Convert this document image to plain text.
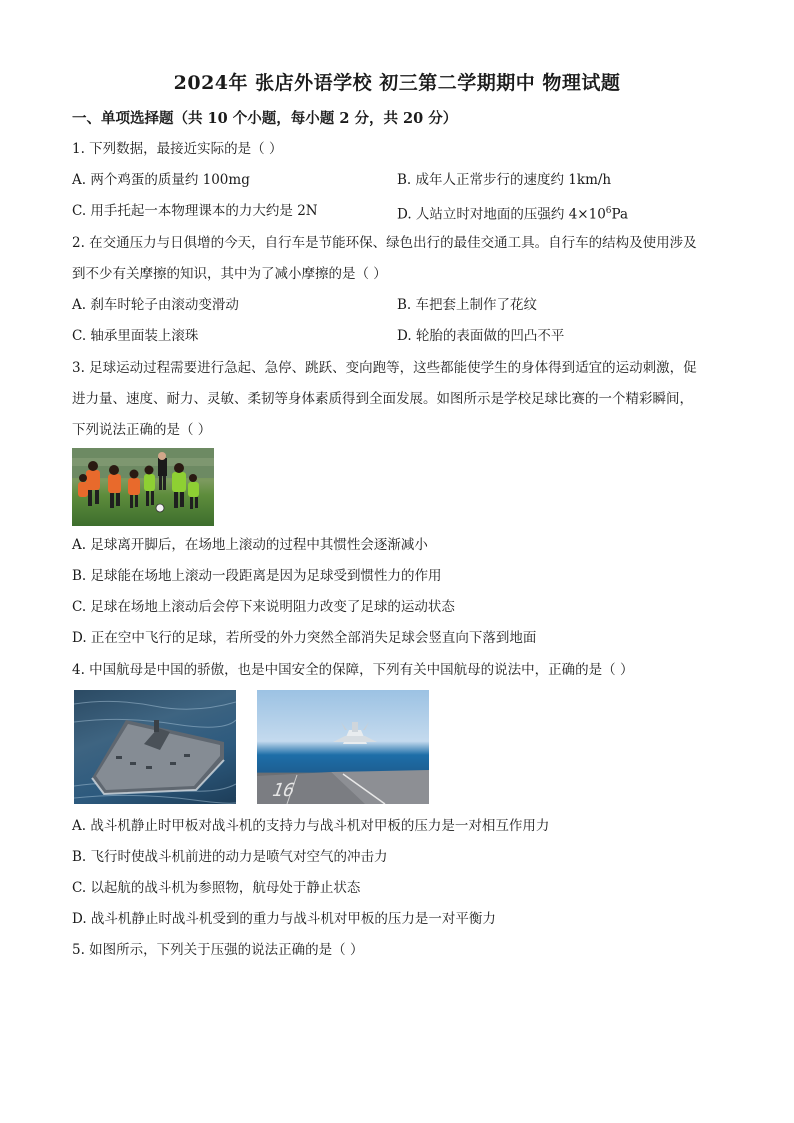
2024年 张店外语学校 初三第二学期期中 物理试题
一、单项选择题（共 10 个小题，每小题 2 分，共 20 分）
1. 下列数据，最接近实际的是（ ）
A. 两个鸡蛋的质量约 100mg	B. 成年人正常步行的速度约 1km/h
C. 用手托起一本物理课本的力大约是 2N	D. 人站立时对地面的压强约 $4\times 10^6Pa$
2. 在交通压力与日俱增的今天，自行车是节能环保、绿色出行的最佳交通工具。自行车的结构及使用涉及
到不少有关摩擦的知识，其中为了减小摩擦的是（ ）
A. 刹车时轮子由滚动变滑动	B. 车把套上制作了花纹
C. 轴承里面装上滚珠	D. 轮胎的表面做的凹凸不平
3. 足球运动过程需要进行急起、急停、跳跃、变向跑等，这些都能使学生的身体得到适宜的运动刺激，促
进力量、速度、耐力、灵敏、柔韧等身体素质得到全面发展。如图所示是学校足球比赛的一个精彩瞬间，
下列说法正确的是（ ）
A. 足球离开脚后，在场地上滚动的过程中其惯性会逐渐减小
B. 足球能在场地上滚动一段距离是因为足球受到惯性力的作用
C. 足球在场地上滚动后会停下来说明阻力改变了足球的运动状态
D. 正在空中飞行的足球，若所受的外力突然全部消失足球会竖直向下落到地面
4. 中国航母是中国的骄傲，也是中国安全的保障，下列有关中国航母的说法中，正确的是（ ）
16
A. 战斗机静止时甲板对战斗机的支持力与战斗机对甲板的压力是一对相互作用力
B. 飞行时使战斗机前进的动力是喷气对空气的冲击力
C. 以起航的战斗机为参照物，航母处于静止状态
D. 战斗机静止时战斗机受到的重力与战斗机对甲板的压力是一对平衡力
5. 如图所示，下列关于压强的说法正确的是（ ）
